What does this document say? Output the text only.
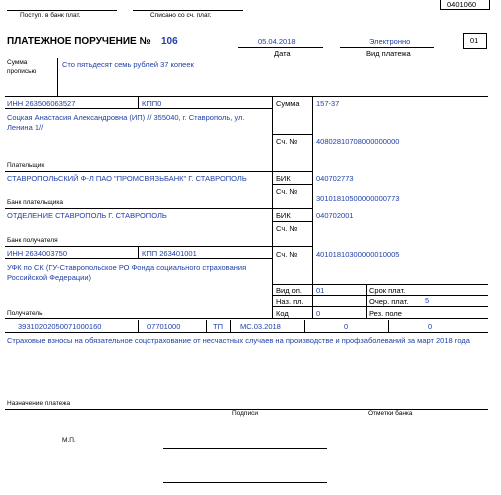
0401060
Поступ. в банк плат.	Списано со сч. плат.
ПЛАТЕЖНОЕ ПОРУЧЕНИЕ № 106	05.04.2018
Дата
Электронно
Вид платежа
01
Сумма
прописью
Сто пятьдесят семь рублей 37 копеек
ИНН 263506063527	КПП0
Соцкая Анастасия Александровна (ИП) // 355040, г. Ставрополь, ул. Ленина 1//
Плательщик
Сумма 157-37
Сч. № 40802810708000000000
СТАВРОПОЛЬСКИЙ Ф-Л ПАО "ПРОМСВЯЗЬБАНК" Г. СТАВРОПОЛЬ
Банк плательщика
БИК	040702773
Сч. №
30101810500000000773
ОТДЕЛЕНИЕ СТАВРОПОЛЬ Г. СТАВРОПОЛЬ
Банк получателя
БИК	040702001
Сч. №
ИНН 2634003750	КПП 263401001
УФК по СК (ГУ-Ставропольское РО Фонда социального страхования Российской Федерации)
Получатель
Сч. № 40101810300000010005
Вид оп. 01
Наз. пл.
Код	0
Срок плат.
Очер. плат. 5
Рез. поле
39310202050071000160	07701000	ТП МС.03.2018	0	0
Страховые взносы на обязательное соцстрахование от несчастных случаев на производстве и профзаболеваний за март 2018 года
Назначение платежа
Подписи	Отметки банка
М.П.
